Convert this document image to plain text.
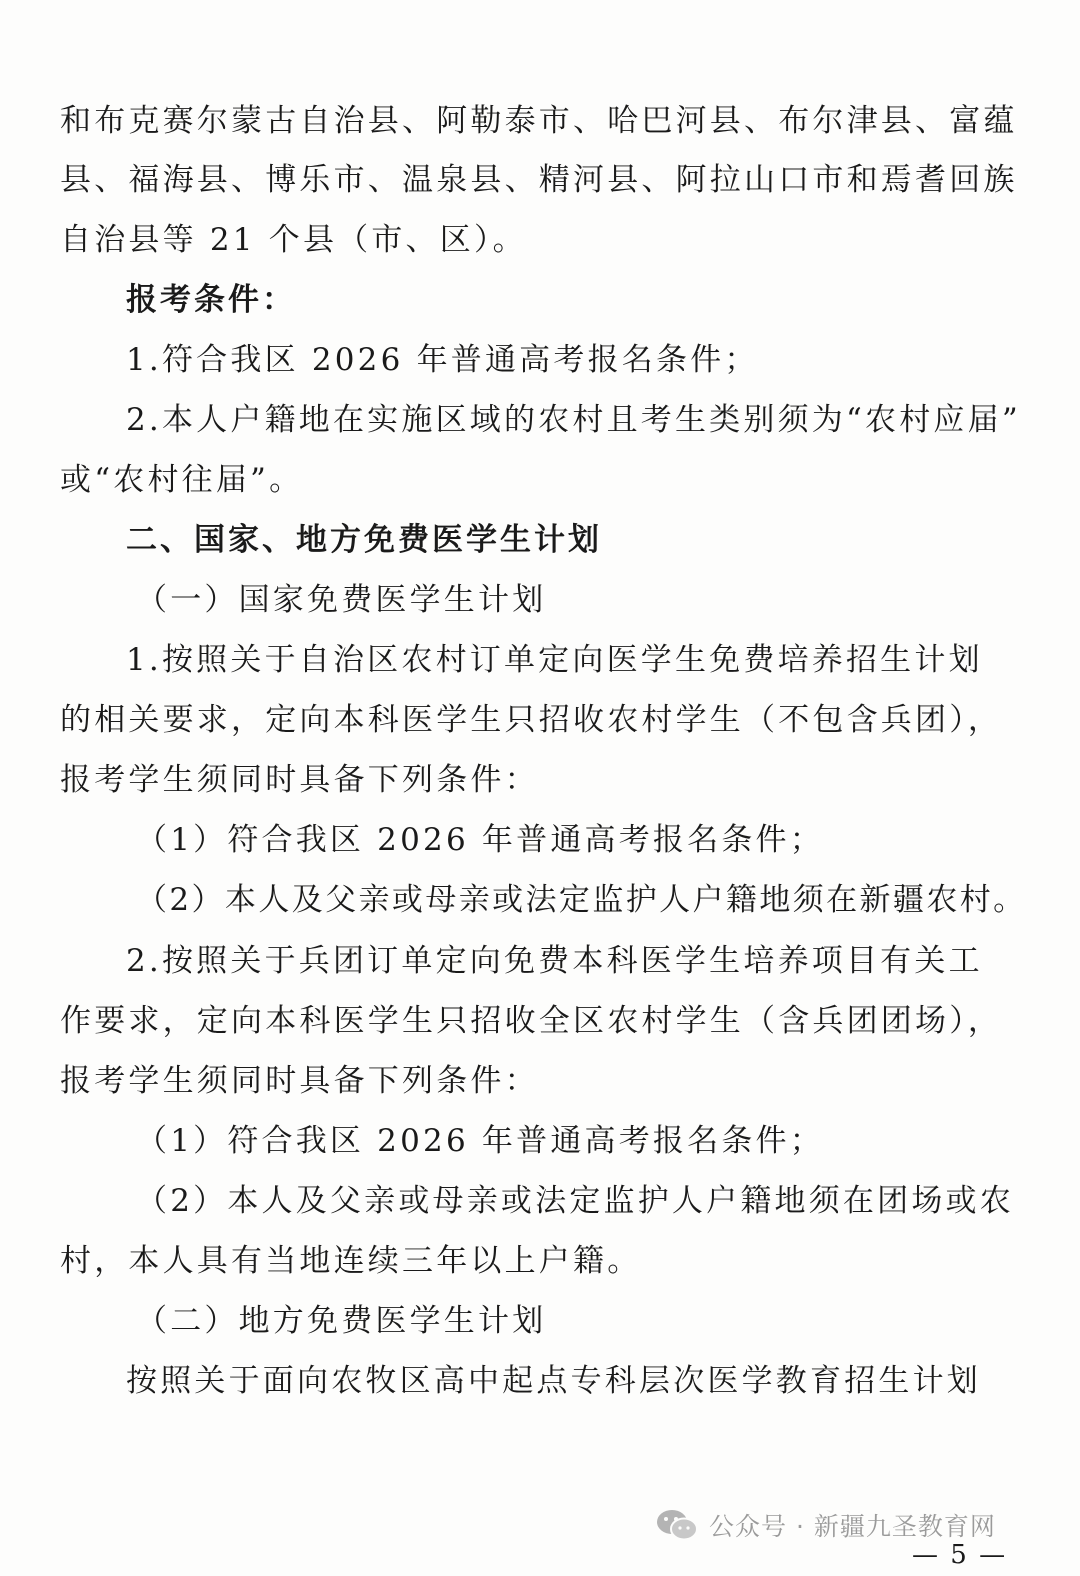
和布克赛尔蒙古自治县、阿勒泰市、哈巴河县、布尔津县、富蕴
县、福海县、博乐市、温泉县、精河县、阿拉山口市和焉耆回族
自治县等 21 个县（市、区）。
报考条件：
1.符合我区 2026 年普通高考报名条件；
2.本人户籍地在实施区域的农村且考生类别须为“农村应届”
或“农村往届”。
二、国家、地方免费医学生计划
（一）国家免费医学生计划
1.按照关于自治区农村订单定向医学生免费培养招生计划
的相关要求，定向本科医学生只招收农村学生（不包含兵团），
报考学生须同时具备下列条件：
（1）符合我区 2026 年普通高考报名条件；
（2）本人及父亲或母亲或法定监护人户籍地须在新疆农村。
2.按照关于兵团订单定向免费本科医学生培养项目有关工
作要求，定向本科医学生只招收全区农村学生（含兵团团场），
报考学生须同时具备下列条件：
（1）符合我区 2026 年普通高考报名条件；
（2）本人及父亲或母亲或法定监护人户籍地须在团场或农
村，本人具有当地连续三年以上户籍。
（二）地方免费医学生计划
按照关于面向农牧区高中起点专科层次医学教育招生计划
公众号 · 新疆九圣教育网
— 5 —
